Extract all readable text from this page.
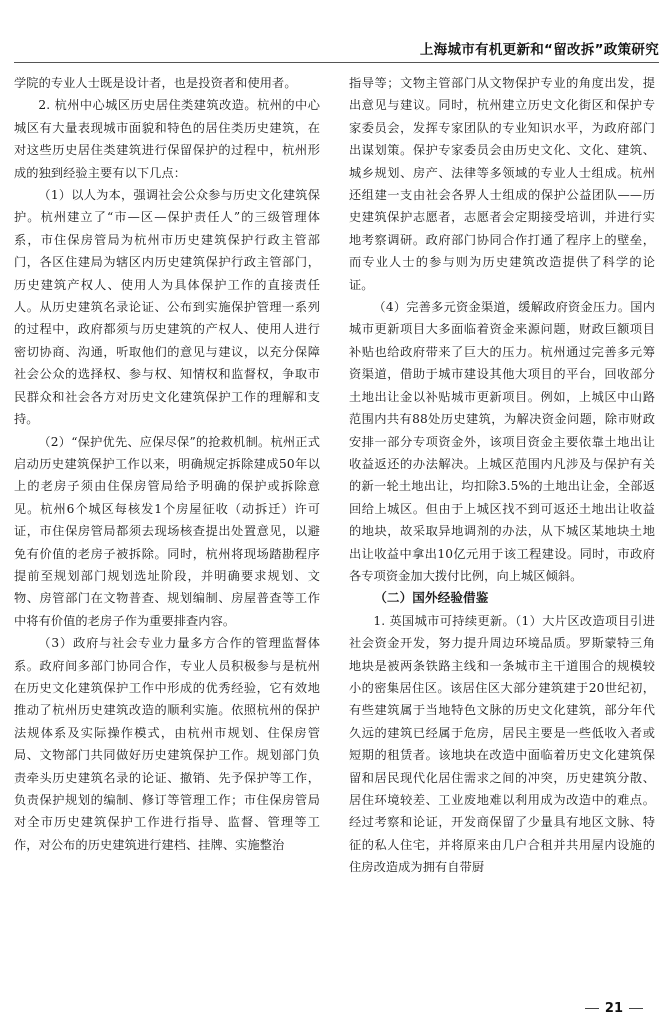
上海城市有机更新和“留改拆”政策研究

学院的专业人士既是设计者，也是投资者和使用者。

2. 杭州中心城区历史居住类建筑改造。杭州的中心城区有大量表现城市面貌和特色的居住类历史建筑，在对这些历史居住类建筑进行保留保护的过程中，杭州形成的独到经验主要有以下几点：

（1）以人为本，强调社会公众参与历史文化建筑保护。杭州建立了“市—区—保护责任人”的三级管理体系，市住保房管局为杭州市历史建筑保护行政主管部门，各区住建局为辖区内历史建筑保护行政主管部门，历史建筑产权人、使用人为具体保护工作的直接责任人。从历史建筑名录论证、公布到实施保护管理一系列的过程中，政府都须与历史建筑的产权人、使用人进行密切协商、沟通，听取他们的意见与建议，以充分保障社会公众的选择权、参与权、知情权和监督权，争取市民群众和社会各方对历史文化建筑保护工作的理解和支持。

（2）“保护优先、应保尽保”的抢救机制。杭州正式启动历史建筑保护工作以来，明确规定拆除建成50年以上的老房子须由住保房管局给予明确的保护或拆除意见。杭州6个城区每核发1个房屋征收（动拆迁）许可证，市住保房管局都须去现场核查提出处置意见，以避免有价值的老房子被拆除。同时，杭州将现场踏勘程序提前至规划部门规划选址阶段，并明确要求规划、文物、房管部门在文物普查、规划编制、房屋普查等工作中将有价值的老房子作为重要排查内容。

（3）政府与社会专业力量多方合作的管理监督体系。政府间多部门协同合作，专业人员积极参与是杭州在历史文化建筑保护工作中形成的优秀经验，它有效地推动了杭州历史建筑改造的顺利实施。依照杭州的保护法规体系及实际操作模式，由杭州市规划、住保房管局、文物部门共同做好历史建筑保护工作。规划部门负责牵头历史建筑名录的论证、撤销、先予保护等工作，负责保护规划的编制、修订等管理工作；市住保房管局对全市历史建筑保护工作进行指导、监督、管理等工作，对公布的历史建筑进行建档、挂牌、实施整治

指导等；文物主管部门从文物保护专业的角度出发，提出意见与建议。同时，杭州建立历史文化街区和保护专家委员会，发挥专家团队的专业知识水平，为政府部门出谋划策。保护专家委员会由历史文化、文化、建筑、城乡规划、房产、法律等多领域的专业人士组成。杭州还组建一支由社会各界人士组成的保护公益团队——历史建筑保护志愿者，志愿者会定期接受培训，并进行实地考察调研。政府部门协同合作打通了程序上的壁垒，而专业人士的参与则为历史建筑改造提供了科学的论证。

（4）完善多元资金渠道，缓解政府资金压力。国内城市更新项目大多面临着资金来源问题，财政巨额项目补贴也给政府带来了巨大的压力。杭州通过完善多元筹资渠道，借助于城市建设其他大项目的平台，回收部分土地出让金以补贴城市更新项目。例如，上城区中山路范围内共有88处历史建筑，为解决资金问题，除市财政安排一部分专项资金外，该项目资金主要依靠土地出让收益返还的办法解决。上城区范围内凡涉及与保护有关的新一轮土地出让，均扣除3.5%的土地出让金，全部返回给上城区。但由于上城区找不到可返还土地出让收益的地块，故采取异地调剂的办法，从下城区某地块土地出让收益中拿出10亿元用于该工程建设。同时，市政府各专项资金加大拨付比例，向上城区倾斜。

（二）国外经验借鉴

1. 英国城市可持续更新。（1）大片区改造项目引进社会资金开发，努力提升周边环境品质。罗斯蒙特三角地块是被两条铁路主线和一条城市主干道围合的规模较小的密集居住区。该居住区大部分建筑建于20世纪初，有些建筑属于当地特色文脉的历史文化建筑，部分年代久远的建筑已经属于危房，居民主要是一些低收入者或短期的租赁者。该地块在改造中面临着历史文化建筑保留和居民现代化居住需求之间的冲突，历史建筑分散、居住环境较差、工业废地难以利用成为改造中的难点。经过考察和论证，开发商保留了少量具有地区文脉、特征的私人住宅，并将原来由几户合租并共用屋内设施的住房改造成为拥有自带厨

21
